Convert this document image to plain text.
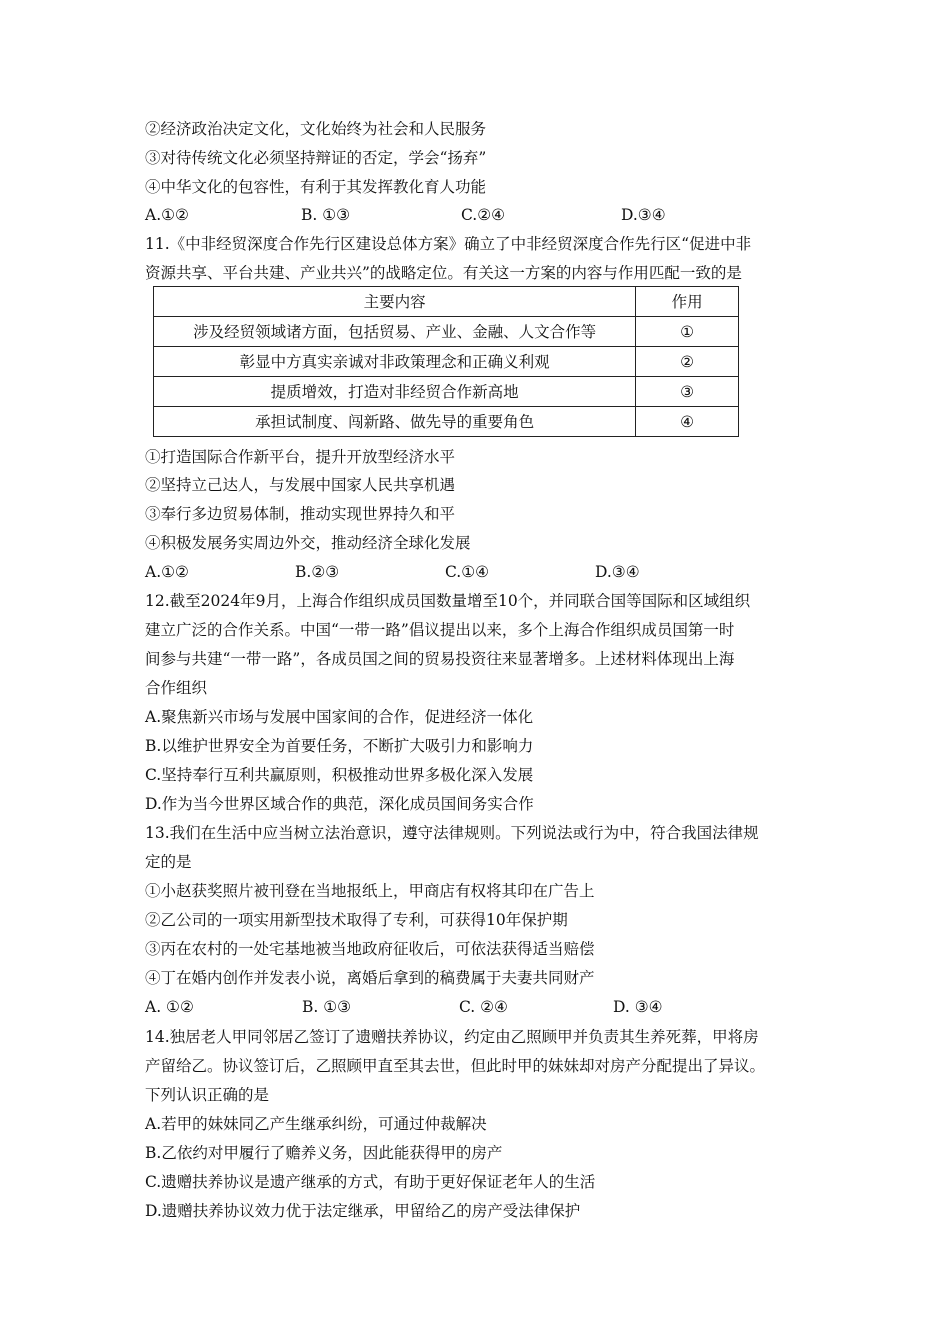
②经济政治决定文化，文化始终为社会和人民服务
③对待传统文化必须坚持辩证的否定，学会“扬弃”
④中华文化的包容性，有利于其发挥教化育人功能
A.①②	B. ①③	C.②④	D.③④
11.《中非经贸深度合作先行区建设总体方案》确立了中非经贸深度合作先行区“促进中非
资源共享、平台共建、产业共兴”的战略定位。有关这一方案的内容与作用匹配一致的是
主要内容	作用
涉及经贸领域诸方面，包括贸易、产业、金融、人文合作等	①
彰显中方真实亲诚对非政策理念和正确义利观	②
提质增效，打造对非经贸合作新高地	③
承担试制度、闯新路、做先导的重要角色	④
①打造国际合作新平台，提升开放型经济水平
②坚持立己达人，与发展中国家人民共享机遇
③奉行多边贸易体制，推动实现世界持久和平
④积极发展务实周边外交，推动经济全球化发展
A.①②	B.②③	C.①④	D.③④
12.截至2024年9月，上海合作组织成员国数量增至10个，并同联合国等国际和区域组织
建立广泛的合作关系。中国“一带一路”倡议提出以来，多个上海合作组织成员国第一时
间参与共建“一带一路”，各成员国之间的贸易投资往来显著增多。上述材料体现出上海
合作组织
A.聚焦新兴市场与发展中国家间的合作，促进经济一体化
B.以维护世界安全为首要任务，不断扩大吸引力和影响力
C.坚持奉行互利共赢原则，积极推动世界多极化深入发展
D.作为当今世界区域合作的典范，深化成员国间务实合作
13.我们在生活中应当树立法治意识，遵守法律规则。下列说法或行为中，符合我国法律规
定的是
①小赵获奖照片被刊登在当地报纸上，甲商店有权将其印在广告上
②乙公司的一项实用新型技术取得了专利，可获得10年保护期
③丙在农村的一处宅基地被当地政府征收后，可依法获得适当赔偿
④丁在婚内创作并发表小说，离婚后拿到的稿费属于夫妻共同财产
A. ①②	B. ①③	C. ②④	D. ③④
14.独居老人甲同邻居乙签订了遗赠扶养协议，约定由乙照顾甲并负责其生养死葬，甲将房
产留给乙。协议签订后，乙照顾甲直至其去世，但此时甲的妹妹却对房产分配提出了异议。
下列认识正确的是
A.若甲的妹妹同乙产生继承纠纷，可通过仲裁解决
B.乙依约对甲履行了赡养义务，因此能获得甲的房产
C.遗赠扶养协议是遗产继承的方式，有助于更好保证老年人的生活
D.遗赠扶养协议效力优于法定继承，甲留给乙的房产受法律保护
